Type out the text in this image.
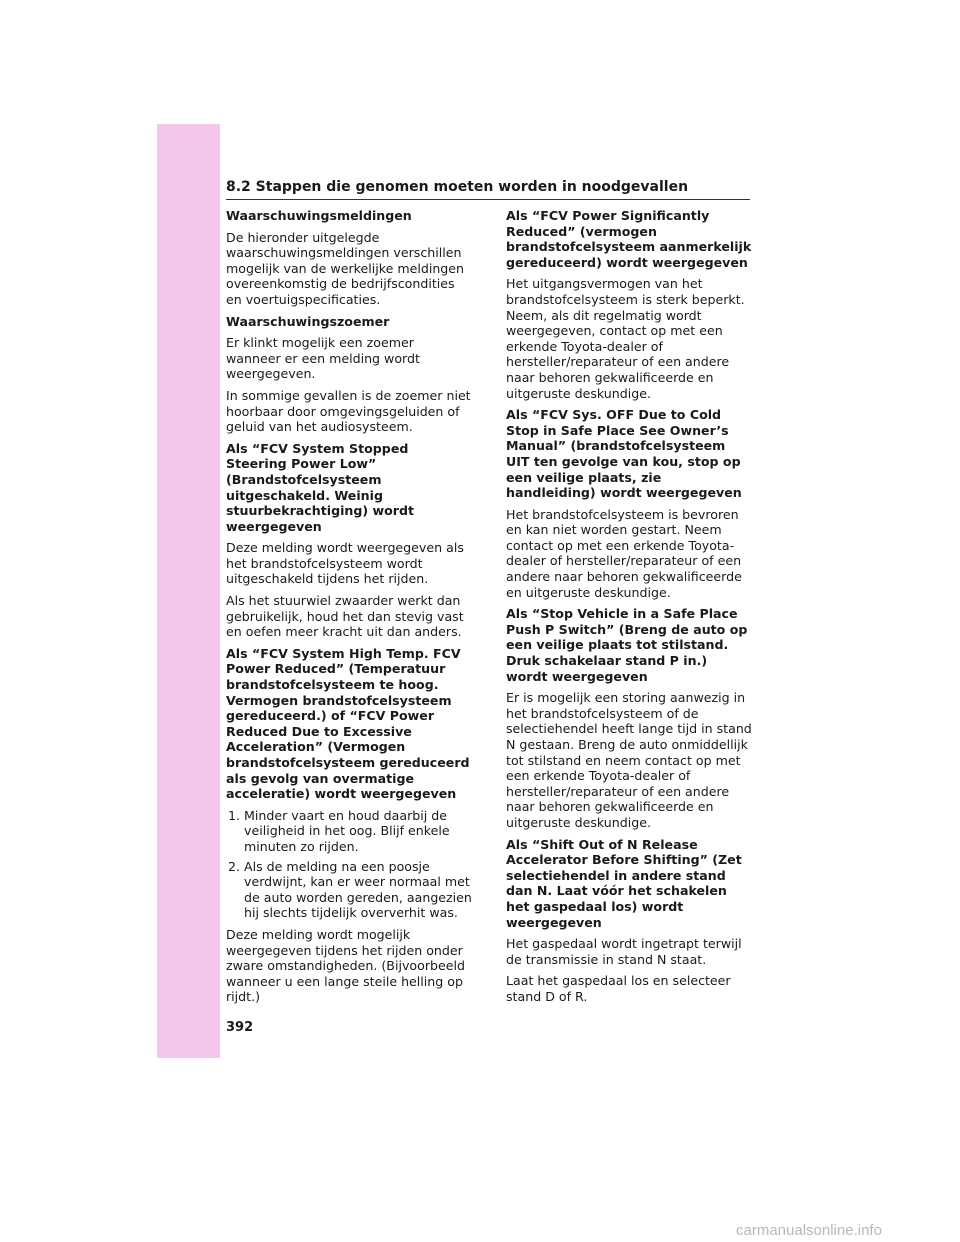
8.2 Stappen die genomen moeten worden in noodgevallen
Waarschuwingsmeldingen

De hieronder uitgelegde waarschuwingsmeldingen verschillen mogelijk van de werkelijke meldingen overeenkomstig de bedrijfscondities en voertuigspecificaties.

Waarschuwingszoemer

Er klinkt mogelijk een zoemer wanneer er een melding wordt weergegeven.

In sommige gevallen is de zoemer niet hoorbaar door omgevingsgeluiden of geluid van het audiosysteem.

Als “FCV System Stopped Steering Power Low” (Brandstofcelsysteem uitgeschakeld. Weinig stuurbekrachtiging) wordt weergegeven

Deze melding wordt weergegeven als het brandstofcelsysteem wordt uitgeschakeld tijdens het rijden.

Als het stuurwiel zwaarder werkt dan gebruikelijk, houd het dan stevig vast en oefen meer kracht uit dan anders.

Als “FCV System High Temp. FCV Power Reduced” (Temperatuur brandstofcelsysteem te hoog. Vermogen brandstofcelsysteem gereduceerd.) of “FCV Power Reduced Due to Excessive Acceleration” (Vermogen brandstofcelsysteem gereduceerd als gevolg van overmatige acceleratie) wordt weergegeven
1. Minder vaart en houd daarbij de veiligheid in het oog. Blijf enkele minuten zo rijden.
2. Als de melding na een poosje verdwijnt, kan er weer normaal met de auto worden gereden, aangezien hij slechts tijdelijk oververhit was.

Deze melding wordt mogelijk weergegeven tijdens het rijden onder zware omstandigheden. (Bijvoorbeeld wanneer u een lange steile helling op rijdt.)

Als “FCV Power Significantly Reduced” (vermogen brandstofcelsysteem aanmerkelijk gereduceerd) wordt weergegeven

Het uitgangsvermogen van het brandstofcelsysteem is sterk beperkt. Neem, als dit regelmatig wordt weergegeven, contact op met een erkende Toyota-dealer of hersteller/reparateur of een andere naar behoren gekwalificeerde en uitgeruste deskundige.

Als “FCV Sys. OFF Due to Cold Stop in Safe Place See Owner’s Manual” (brandstofcelsysteem UIT ten gevolge van kou, stop op een veilige plaats, zie handleiding) wordt weergegeven

Het brandstofcelsysteem is bevroren en kan niet worden gestart. Neem contact op met een erkende Toyota-dealer of hersteller/reparateur of een andere naar behoren gekwalificeerde en uitgeruste deskundige.

Als “Stop Vehicle in a Safe Place Push P Switch” (Breng de auto op een veilige plaats tot stilstand. Druk schakelaar stand P in.) wordt weergegeven

Er is mogelijk een storing aanwezig in het brandstofcelsysteem of de selectiehendel heeft lange tijd in stand N gestaan. Breng de auto onmiddellijk tot stilstand en neem contact op met een erkende Toyota-dealer of hersteller/reparateur of een andere naar behoren gekwalificeerde en uitgeruste deskundige.

Als “Shift Out of N Release Accelerator Before Shifting” (Zet selectiehendel in andere stand dan N. Laat vóór het schakelen het gaspedaal los) wordt weergegeven

Het gaspedaal wordt ingetrapt terwijl de transmissie in stand N staat.

Laat het gaspedaal los en selecteer stand D of R.

392
carmanualsonline.info
